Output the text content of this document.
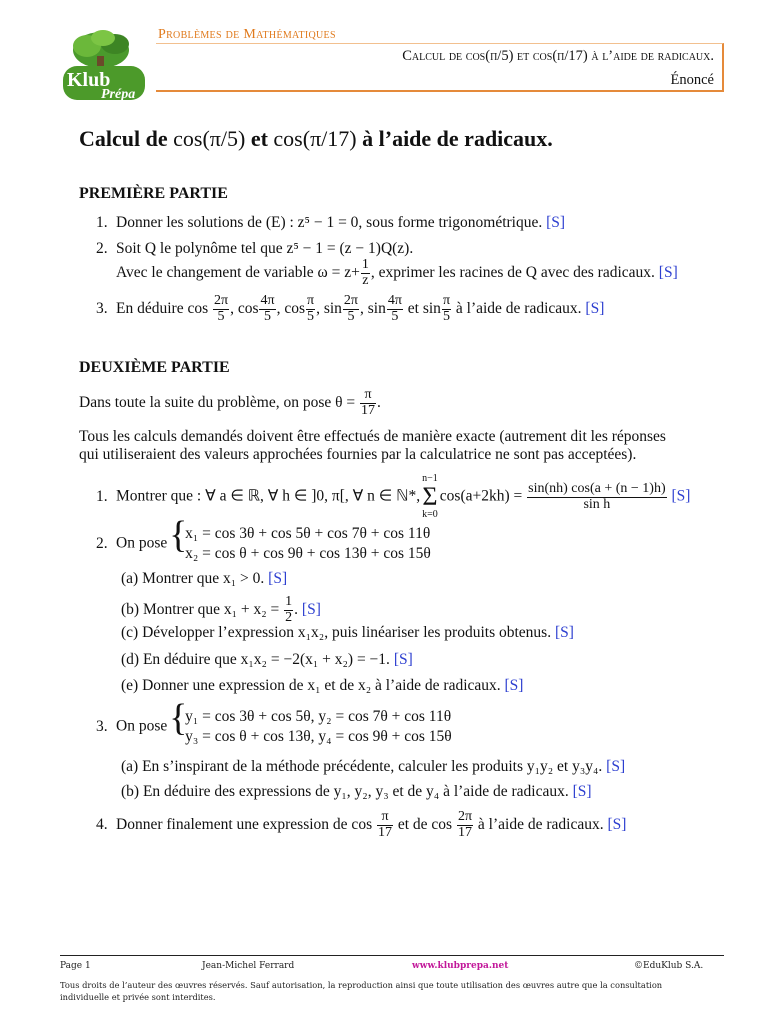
Klub
Prépa
Problèmes de Mathématiques
Calcul de cos(π/5) et cos(π/17) à l’aide de radicaux.
Énoncé
Calcul de cos(π/5) et cos(π/17) à l’aide de radicaux.
PREMIÈRE PARTIE
1. Donner les solutions de (E) : z⁵ − 1 = 0, sous forme trigonométrique. [S]
2. Soit Q le polynôme tel que z⁵ − 1 = (z − 1)Q(z).
Avec le changement de variable $\omega = z+ \frac{1}{z}$ , exprimer les racines de Q avec des radicaux. [S]
3. En déduire $\cos \frac{2\pi}{5}$ , $\cos \frac{4\pi}{5}$ , $\cos \frac{\pi}{5}$ , $\sin \frac{2\pi}{5}$ , $\sin \frac{4\pi}{5}$ et $\sin \frac{\pi}{5}$ à l’aide de radicaux. [S]
DEUXIÈME PARTIE
Dans toute la suite du problème, on pose $\theta = \frac{\pi}{17}$ .
Tous les calculs demandés doivent être effectués de manière exacte (autrement dit les réponses
qui utiliseraient des valeurs approchées fournies par la calculatrice ne sont pas acceptées).
1. Montrer que : ∀ a ∈ ℝ, ∀ h ∈ ]0, π[, ∀ n ∈ ℕ*,n−1
Σ
$k=0\cos(a+2kh) = \frac{\sin(nh) \cos(a + (n - 1)h)}{\text{sin h}} [S]$
2. On pose
{ x₁ = cos 3θ + cos 5θ + cos 7θ + cos 11θ
x₂ = cos θ + cos 9θ + cos 13θ + cos 15θ
(a) Montrer que x₁ > 0. [S]
(b) Montrer que $x_1 + x_2 = \frac{1}{2}$ . [S]
(c) Développer l’expression x₁x₂, puis linéariser les produits obtenus. [S]
(d) En déduire que x₁x₂ = −2(x₁ + x₂) = −1. [S]
(e) Donner une expression de x₁ et de x₂ à l’aide de radicaux. [S]
3. On pose
{ y₁ = cos 3θ + cos 5θ, y₂ = cos 7θ + cos 11θ
y₃ = cos θ + cos 13θ, y₄ = cos 9θ + cos 15θ
(a) En s’inspirant de la méthode précédente, calculer les produits y₁y₂ et y₃y₄. [S]
(b) En déduire des expressions de y₁, y₂, y₃ et de y₄ à l’aide de radicaux. [S]
4. Donner finalement une expression de $\cos \frac{\pi}{17}$ et de $\cos \frac{2\pi}{17}$ à l’aide de radicaux. [S]
Page 1	Jean-Michel Ferrard	www.klubprepa.net	©EduKlub S.A.
Tous droits de l’auteur des œuvres réservés. Sauf autorisation, la reproduction ainsi que toute utilisation des œuvres autre que la consultation
individuelle et privée sont interdites.
